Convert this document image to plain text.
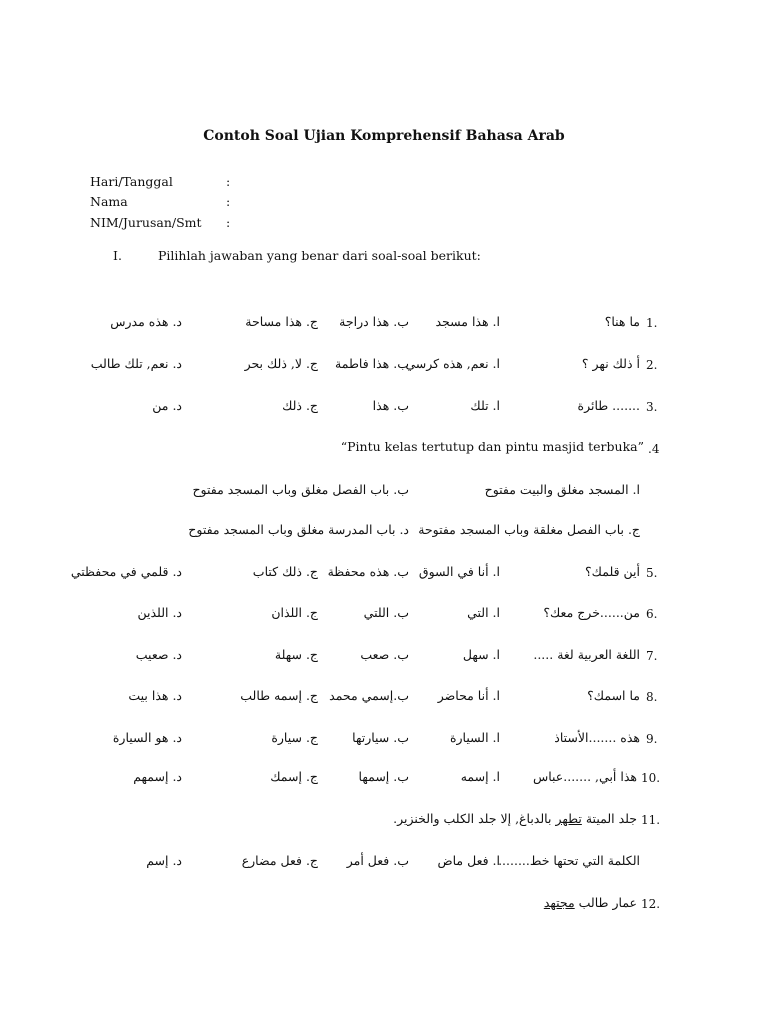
Contoh Soal Ujian Komprehensif Bahasa Arab
Hari/Tanggal	:
Nama	:
NIM/Jurusan/Smt :
I.	Pilihlah jawaban yang benar dari soal-soal berikut:
1.
ما هنا؟
ا. هذا مسجد
ب. هذا دراجة
ج. هذا مساحة
د. هذه مدرس
2.
أ ذلك نهر ؟
ا. نعم, هذه كرسي
ب. هذا فاطمة
ج. لا, ذلك بحر
د. نعم, تلك طالب
3.
....... طائرة
ا. تلك
ب. هذا
ج. ذلك
د. من
.4
“Pintu kelas tertutup dan pintu masjid terbuka”
ا. المسجد مغلق والبيت مفتوح
ب. باب الفصل مغلق وباب المسجد مفتوح
ج. باب الفصل مغلقة وباب المسجد مفتوحة
د. باب المدرسة مغلق وباب المسجد مفتوح
5.
أين قلمك؟
ا. أنا في السوق
ب. هذه محفظة
ج. ذلك كتاب
د. قلمي في محفظتي
6.
من......خرج معك؟
ا. التي
ب. اللتي
ج. اللذان
د. اللذين
7.
اللغة العربية لغة .....
ا. سهل
ب. صعب
ج. سهلة
د. صعيب
8.
ما اسمك؟
ا. أنا محاضر
ب.إسمي محمد
ج. إسمه طالب
د. هذا بيت
9.
هذه .......الأستاذ
ا. السيارة
ب. سيارتها
ج. سيارة
د. هو السيارة
10.
هذا أبي, .......عباس
ا. إسمه
ب. إسمها
ج. إسمك
د. إسمهم
11.
جلد الميتة تطهر بالدباغ, إلا جلد الكلب والخنزير.
الكلمة التي تحتها خط........
ا. فعل ماض
ب. فعل أمر
ج. فعل مضارع
د. إسم
12.
عمار طالب مجتهد
